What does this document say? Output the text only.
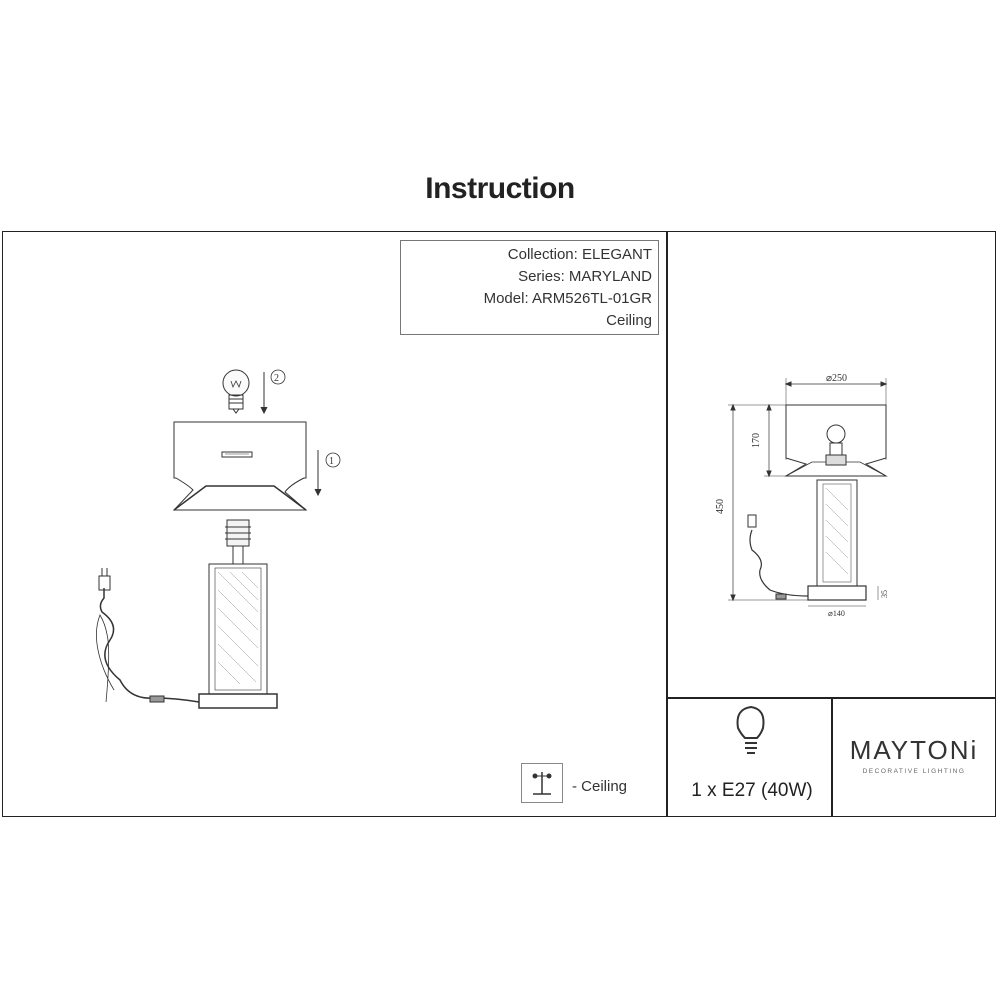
Instruction
Collection: ELEGANT
Series: MARYLAND
Model: ARM526TL-01GR
Ceiling
2
1
⌀250
170
450
⌀140
35
- Ceiling	1 x E27 (40W)
MAYTONi
DECORATIVE LIGHTING
